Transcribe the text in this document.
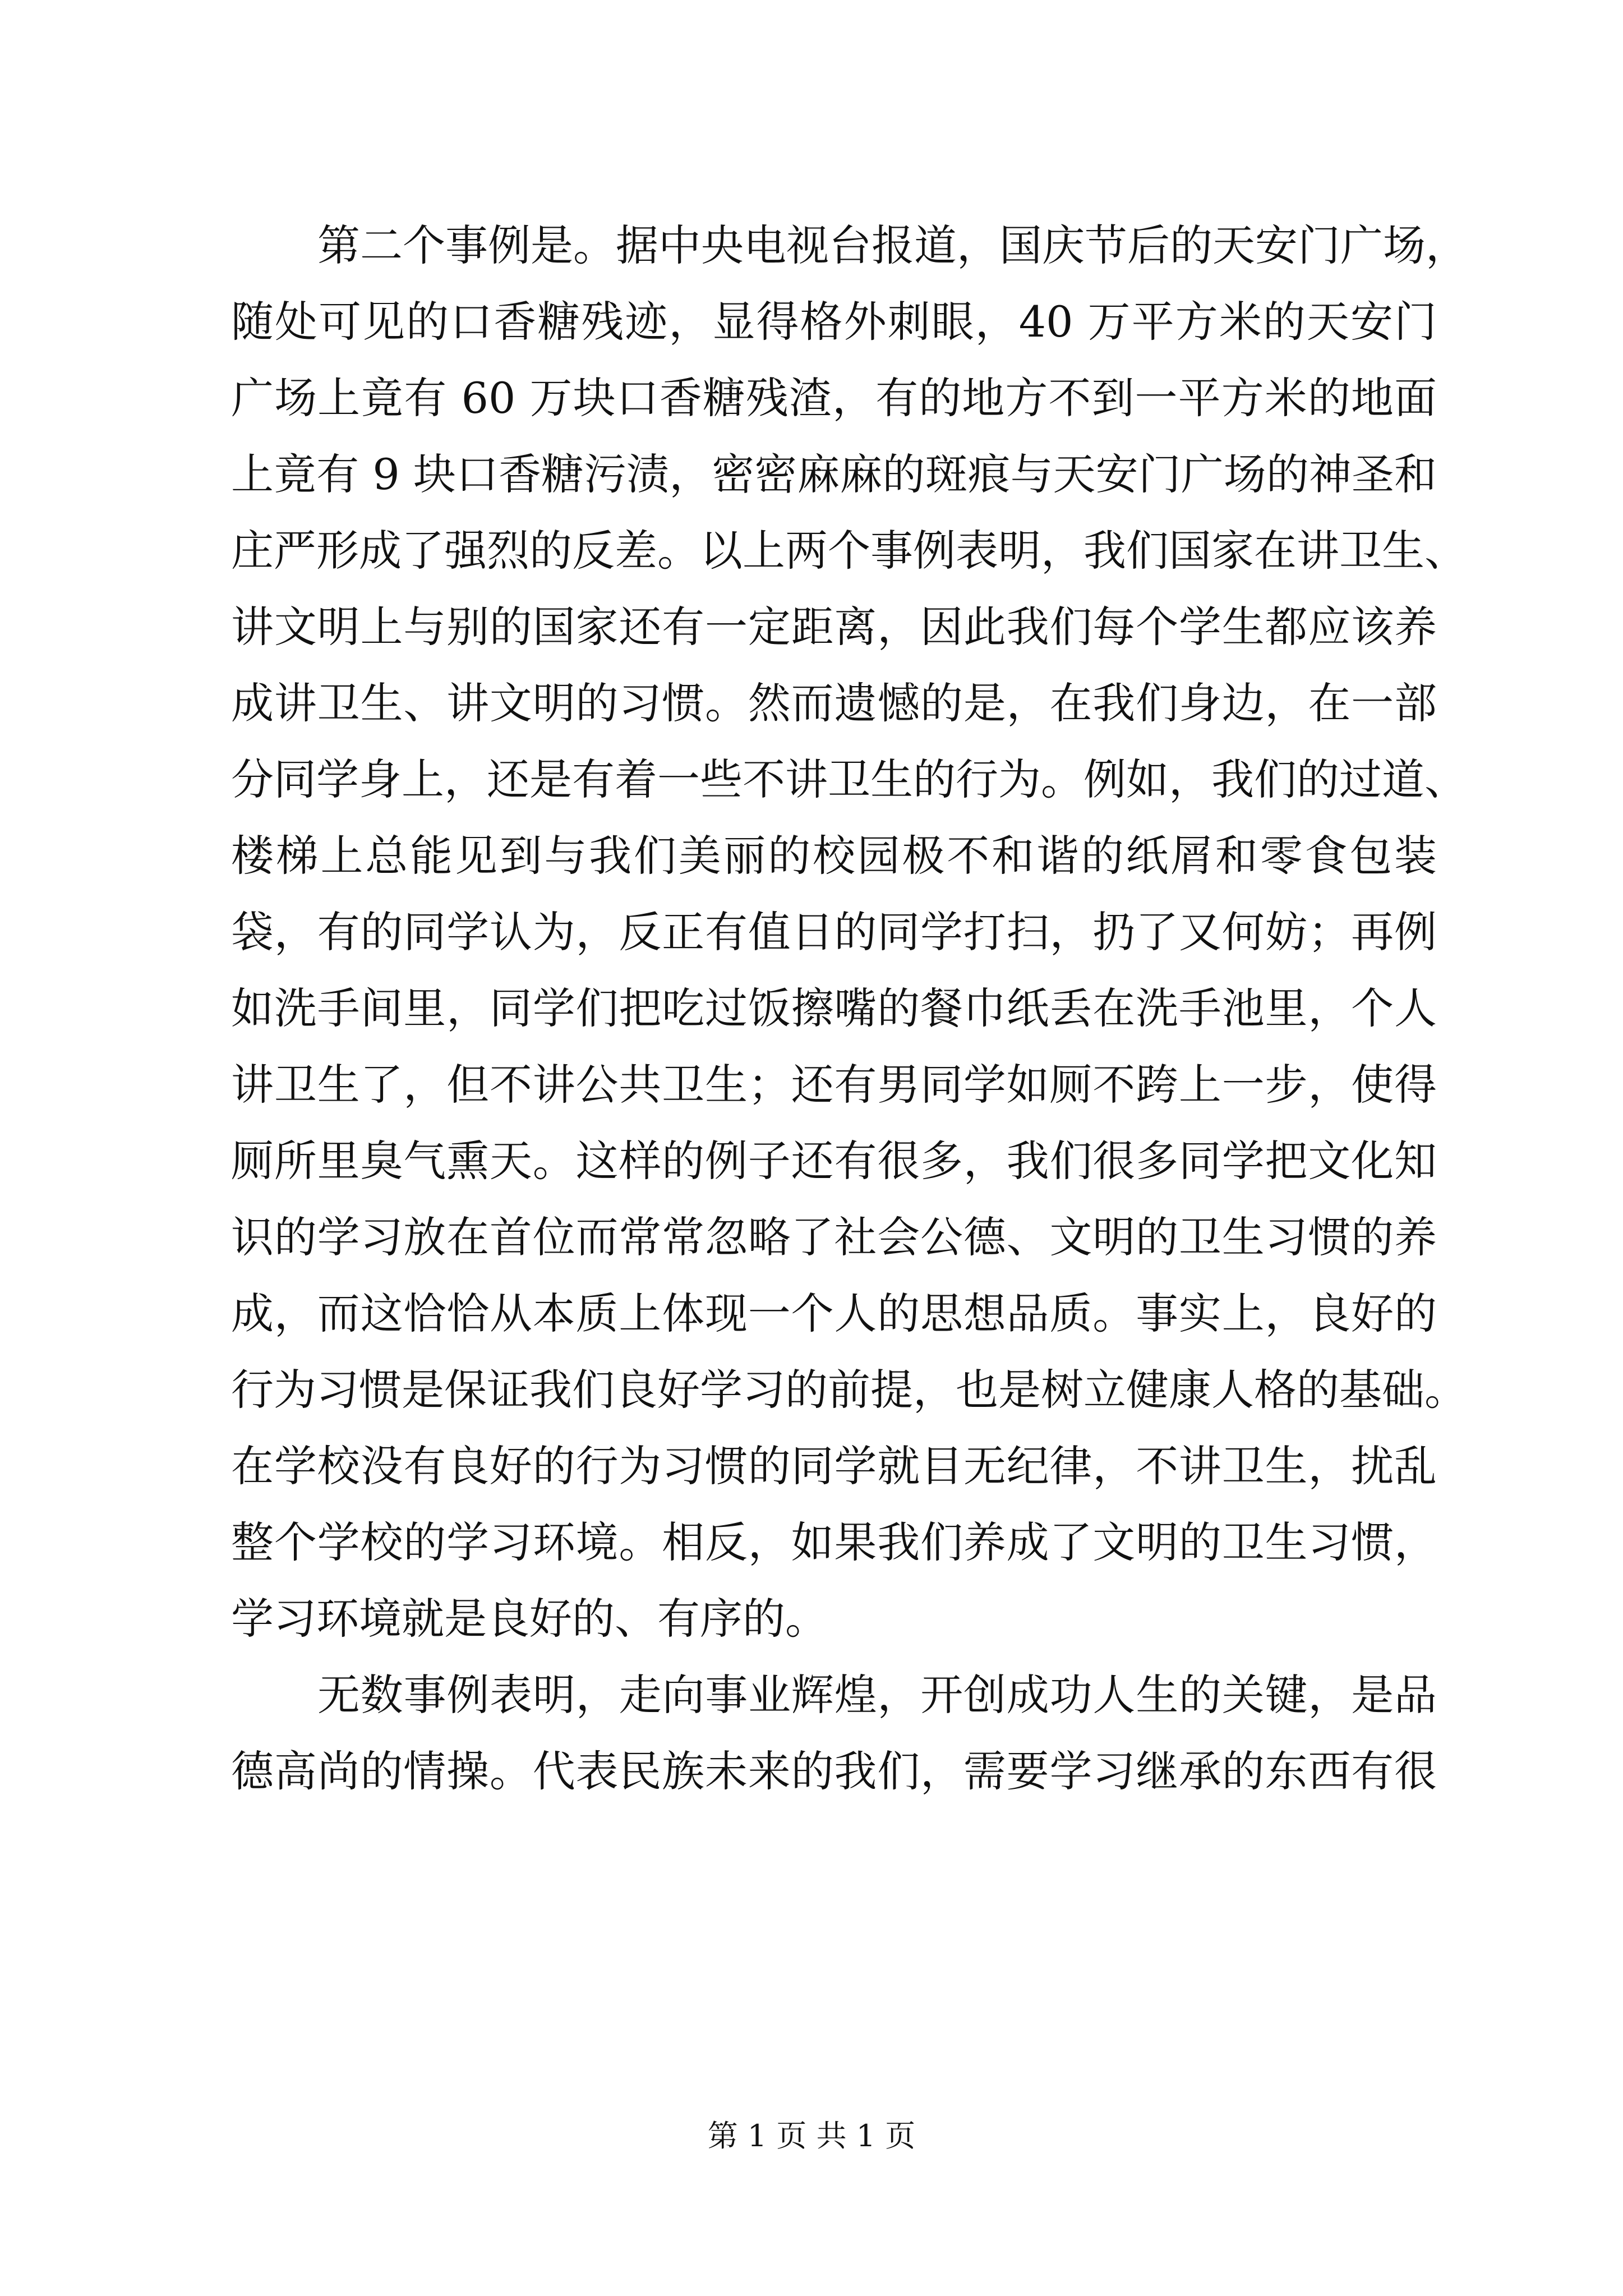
第二个事例是。据中央电视台报道，国庆节后的天安门广场，
随处可见的口香糖残迹，显得格外刺眼，40 万平方米的天安门
广场上竟有 60 万块口香糖残渣，有的地方不到一平方米的地面
上竟有 9 块口香糖污渍，密密麻麻的斑痕与天安门广场的神圣和
庄严形成了强烈的反差。以上两个事例表明，我们国家在讲卫生、
讲文明上与别的国家还有一定距离，因此我们每个学生都应该养
成讲卫生、讲文明的习惯。然而遗憾的是，在我们身边，在一部
分同学身上，还是有着一些不讲卫生的行为。例如，我们的过道、
楼梯上总能见到与我们美丽的校园极不和谐的纸屑和零食包装
袋，有的同学认为，反正有值日的同学打扫，扔了又何妨；再例
如洗手间里，同学们把吃过饭擦嘴的餐巾纸丢在洗手池里，个人
讲卫生了，但不讲公共卫生；还有男同学如厕不跨上一步，使得
厕所里臭气熏天。这样的例子还有很多，我们很多同学把文化知
识的学习放在首位而常常忽略了社会公德、文明的卫生习惯的养
成，而这恰恰从本质上体现一个人的思想品质。事实上，良好的
行为习惯是保证我们良好学习的前提，也是树立健康人格的基础。
在学校没有良好的行为习惯的同学就目无纪律，不讲卫生，扰乱
整个学校的学习环境。相反，如果我们养成了文明的卫生习惯，
学习环境就是良好的、有序的。
无数事例表明，走向事业辉煌，开创成功人生的关键，是品
德高尚的情操。代表民族未来的我们，需要学习继承的东西有很
第 1 页 共 1 页
